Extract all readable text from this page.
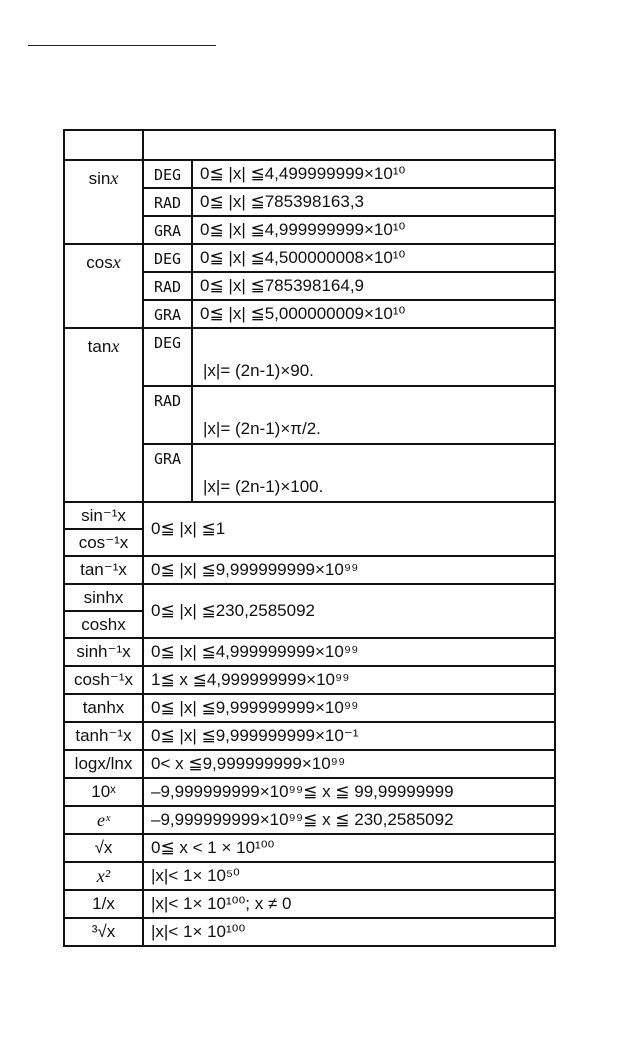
sinx	DEG	0≦ |x| ≦4,499999999×10¹⁰
	RAD	0≦ |x| ≦785398163,3
	GRA	0≦ |x| ≦4,999999999×10¹⁰
cosx	DEG	0≦ |x| ≦4,500000008×10¹⁰
	RAD	0≦ |x| ≦785398164,9
	GRA	0≦ |x| ≦5,000000009×10¹⁰
tanx	DEG	|x|= (2n-1)×90.
	RAD	|x|= (2n-1)×π/2.
	GRA	|x|= (2n-1)×100.
sin⁻¹x	0≦ |x| ≦1	
cos⁻¹x		
tan⁻¹x	0≦ |x| ≦9,999999999×10⁹⁹	
sinhx	0≦ |x| ≦230,2585092	
coshx		
sinh⁻¹x	0≦ |x| ≦4,999999999×10⁹⁹	
cosh⁻¹x	1≦ x ≦4,999999999×10⁹⁹	
tanhx	0≦ |x| ≦9,999999999×10⁹⁹	
tanh⁻¹x	0≦ |x| ≦9,999999999×10⁻¹	
logx/lnx	0< x ≦9,999999999×10⁹⁹	
10ˣ	–9,999999999×10⁹⁹≦ x ≦ 99,99999999	
eˣ	–9,999999999×10⁹⁹≦ x ≦ 230,2585092	
√x	0≦ x < 1 × 10¹⁰⁰	
x²	|x|< 1× 10⁵⁰	
1/x	|x|< 1× 10¹⁰⁰; x ≠ 0	
³√x	|x|< 1× 10¹⁰⁰	
